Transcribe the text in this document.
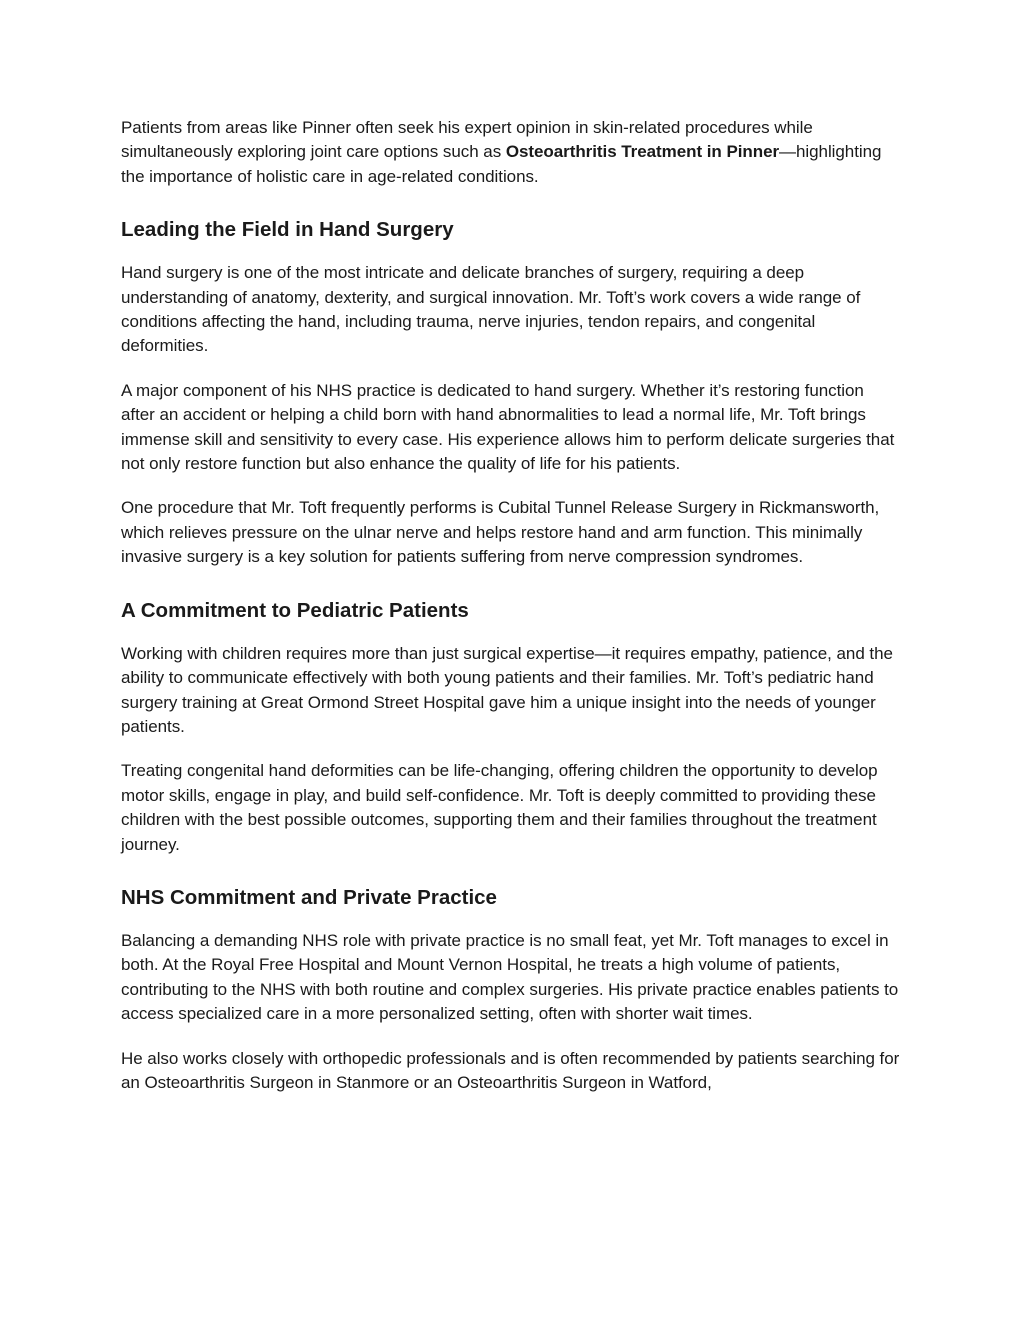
Patients from areas like Pinner often seek his expert opinion in skin-related procedures while simultaneously exploring joint care options such as Osteoarthritis Treatment in Pinner—highlighting the importance of holistic care in age-related conditions.

Leading the Field in Hand Surgery

Hand surgery is one of the most intricate and delicate branches of surgery, requiring a deep understanding of anatomy, dexterity, and surgical innovation. Mr. Toft’s work covers a wide range of conditions affecting the hand, including trauma, nerve injuries, tendon repairs, and congenital deformities.

A major component of his NHS practice is dedicated to hand surgery. Whether it’s restoring function after an accident or helping a child born with hand abnormalities to lead a normal life, Mr. Toft brings immense skill and sensitivity to every case. His experience allows him to perform delicate surgeries that not only restore function but also enhance the quality of life for his patients.

One procedure that Mr. Toft frequently performs is Cubital Tunnel Release Surgery in Rickmansworth, which relieves pressure on the ulnar nerve and helps restore hand and arm function. This minimally invasive surgery is a key solution for patients suffering from nerve compression syndromes.

A Commitment to Pediatric Patients

Working with children requires more than just surgical expertise—it requires empathy, patience, and the ability to communicate effectively with both young patients and their families. Mr. Toft’s pediatric hand surgery training at Great Ormond Street Hospital gave him a unique insight into the needs of younger patients.

Treating congenital hand deformities can be life-changing, offering children the opportunity to develop motor skills, engage in play, and build self-confidence. Mr. Toft is deeply committed to providing these children with the best possible outcomes, supporting them and their families throughout the treatment journey.

NHS Commitment and Private Practice

Balancing a demanding NHS role with private practice is no small feat, yet Mr. Toft manages to excel in both. At the Royal Free Hospital and Mount Vernon Hospital, he treats a high volume of patients, contributing to the NHS with both routine and complex surgeries. His private practice enables patients to access specialized care in a more personalized setting, often with shorter wait times.

He also works closely with orthopedic professionals and is often recommended by patients searching for an Osteoarthritis Surgeon in Stanmore or an Osteoarthritis Surgeon in Watford,
